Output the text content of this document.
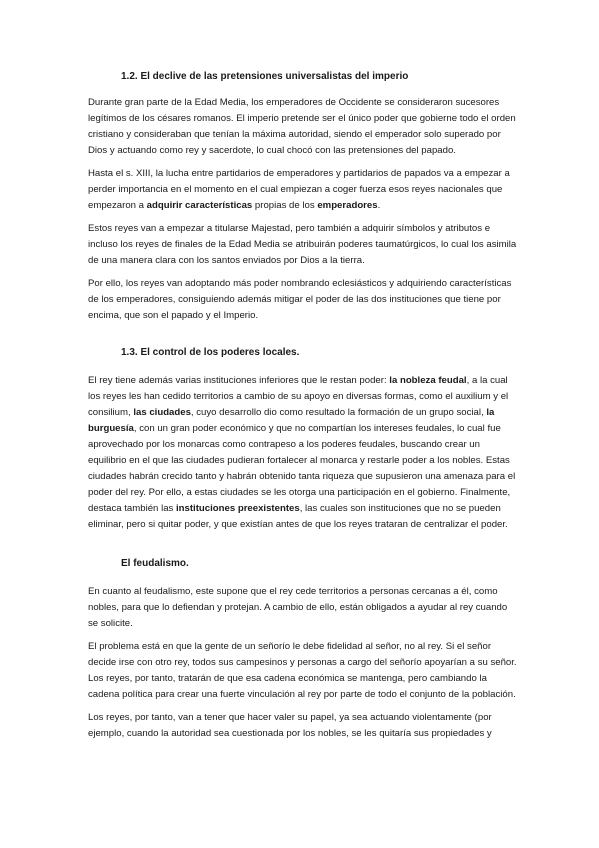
1.2. El declive de las pretensiones universalistas del imperio

Durante gran parte de la Edad Media, los emperadores de Occidente se consideraron sucesores legítimos de los césares romanos. El imperio pretende ser el único poder que gobierne todo el orden cristiano y consideraban que tenían la máxima autoridad, siendo el emperador solo superado por Dios y actuando como rey y sacerdote, lo cual chocó con las pretensiones del papado.

Hasta el s. XIII, la lucha entre partidarios de emperadores y partidarios de papados va a empezar a perder importancia en el momento en el cual empiezan a coger fuerza esos reyes nacionales que empezaron a adquirir características propias de los emperadores.

Estos reyes van a empezar a titularse Majestad, pero también a adquirir símbolos y atributos e incluso los reyes de finales de la Edad Media se atribuirán poderes taumatúrgicos, lo cual los asimila de una manera clara con los santos enviados por Dios a la tierra.

Por ello, los reyes van adoptando más poder nombrando eclesiásticos y adquiriendo características de los emperadores, consiguiendo además mitigar el poder de las dos instituciones que tiene por encima, que son el papado y el Imperio.

1.3. El control de los poderes locales.

El rey tiene además varias instituciones inferiores que le restan poder: la nobleza feudal, a la cual los reyes les han cedido territorios a cambio de su apoyo en diversas formas, como el auxilium y el consilium, las ciudades, cuyo desarrollo dio como resultado la formación de un grupo social, la burguesía, con un gran poder económico y que no compartían los intereses feudales, lo cual fue aprovechado por los monarcas como contrapeso a los poderes feudales, buscando crear un equilibrio en el que las ciudades pudieran fortalecer al monarca y restarle poder a los nobles. Estas ciudades habrán crecido tanto y habrán obtenido tanta riqueza que supusieron una amenaza para el poder del rey. Por ello, a estas ciudades se les otorga una participación en el gobierno. Finalmente, destaca también las instituciones preexistentes, las cuales son instituciones que no se pueden eliminar, pero si quitar poder, y que existían antes de que los reyes trataran de centralizar el poder.

El feudalismo.

En cuanto al feudalismo, este supone que el rey cede territorios a personas cercanas a él, como nobles, para que lo defiendan y protejan. A cambio de ello, están obligados a ayudar al rey cuando se solicite.

El problema está en que la gente de un señorío le debe fidelidad al señor, no al rey. Si el señor decide irse con otro rey, todos sus campesinos y personas a cargo del señorío apoyarían a su señor. Los reyes, por tanto, tratarán de que esa cadena económica se mantenga, pero cambiando la cadena política para crear una fuerte vinculación al rey por parte de todo el conjunto de la población.

Los reyes, por tanto, van a tener que hacer valer su papel, ya sea actuando violentamente (por ejemplo, cuando la autoridad sea cuestionada por los nobles, se les quitaría sus propiedades y
